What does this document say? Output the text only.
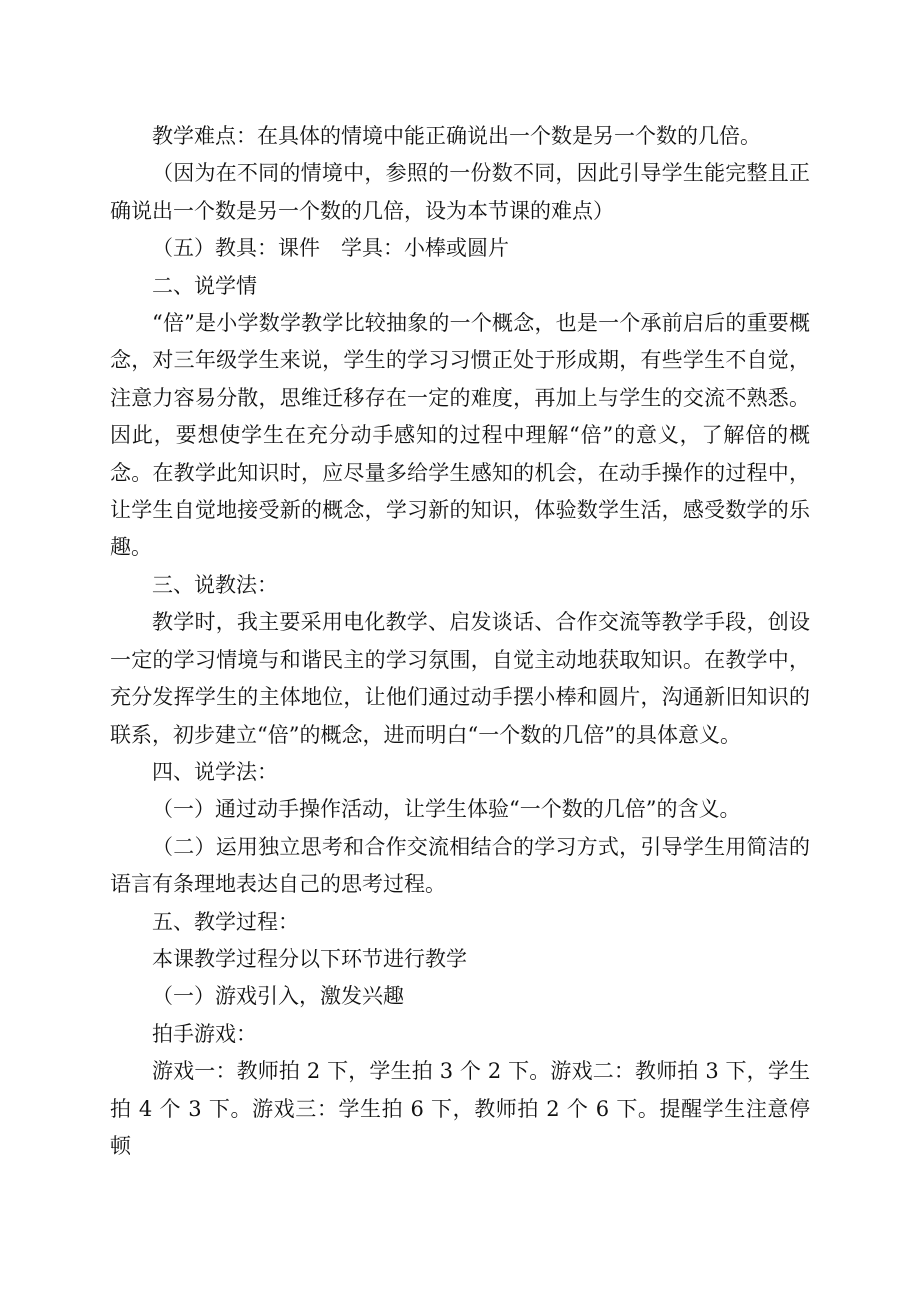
教学难点：在具体的情境中能正确说出一个数是另一个数的几倍。

（因为在不同的情境中，参照的一份数不同，因此引导学生能完整且正确说出一个数是另一个数的几倍，设为本节课的难点）

（五）教具：课件　学具：小棒或圆片

二、说学情

“倍”是小学数学教学比较抽象的一个概念，也是一个承前启后的重要概念，对三年级学生来说，学生的学习习惯正处于形成期，有些学生不自觉，注意力容易分散，思维迁移存在一定的难度，再加上与学生的交流不熟悉。因此，要想使学生在充分动手感知的过程中理解“倍”的意义，了解倍的概念。在教学此知识时，应尽量多给学生感知的机会，在动手操作的过程中，让学生自觉地接受新的概念，学习新的知识，体验数学生活，感受数学的乐趣。

三、说教法：

教学时，我主要采用电化教学、启发谈话、合作交流等教学手段，创设一定的学习情境与和谐民主的学习氛围，自觉主动地获取知识。在教学中，充分发挥学生的主体地位，让他们通过动手摆小棒和圆片，沟通新旧知识的联系，初步建立“倍”的概念，进而明白“一个数的几倍”的具体意义。

四、说学法：

（一）通过动手操作活动，让学生体验“一个数的几倍”的含义。

（二）运用独立思考和合作交流相结合的学习方式，引导学生用简洁的语言有条理地表达自己的思考过程。

五、教学过程：

本课教学过程分以下环节进行教学

（一）游戏引入，激发兴趣

拍手游戏：

游戏一：教师拍 2 下，学生拍 3 个 2 下。游戏二：教师拍 3 下，学生拍 4 个 3 下。游戏三：学生拍 6 下，教师拍 2 个 6 下。提醒学生注意停顿
